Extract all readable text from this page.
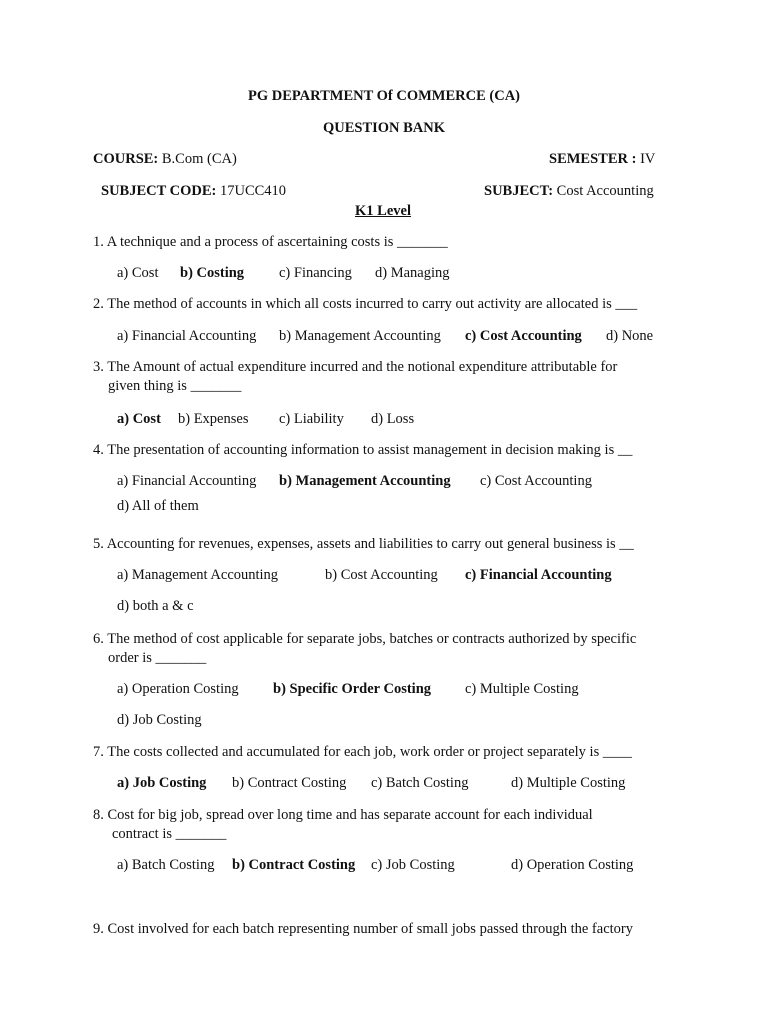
PG DEPARTMENT Of COMMERCE (CA)
QUESTION BANK
COURSE: B.Com (CA)	SEMESTER : IV
SUBJECT CODE: 17UCC410	SUBJECT: Cost Accounting
K1 Level
1. A technique and a process of ascertaining costs is _______
a) Cost b) Costing c) Financing d) Managing
2. The method of accounts in which all costs incurred to carry out activity are allocated is ___
a) Financial Accounting b) Management Accounting c) Cost Accounting d) None
3. The Amount of actual expenditure incurred and the notional expenditure attributable for
given thing is _______
a) Cost b) Expenses c) Liability d) Loss
4. The presentation of accounting information to assist management in decision making is __
a) Financial Accounting b) Management Accounting c) Cost Accounting
d) All of them
5. Accounting for revenues, expenses, assets and liabilities to carry out general business is __
a) Management Accounting	b) Cost Accounting c) Financial Accounting
d) both a & c
6. The method of cost applicable for separate jobs, batches or contracts authorized by specific
order is _______
a) Operation Costing b) Specific Order Costing c) Multiple Costing
d) Job Costing
7. The costs collected and accumulated for each job, work order or project separately is ____
a) Job Costing b) Contract Costing c) Batch Costing	d) Multiple Costing
8. Cost for big job, spread over long time and has separate account for each individual
contract is _______
a) Batch Costing b) Contract Costing c) Job Costing	d) Operation Costing
9. Cost involved for each batch representing number of small jobs passed through the factory
